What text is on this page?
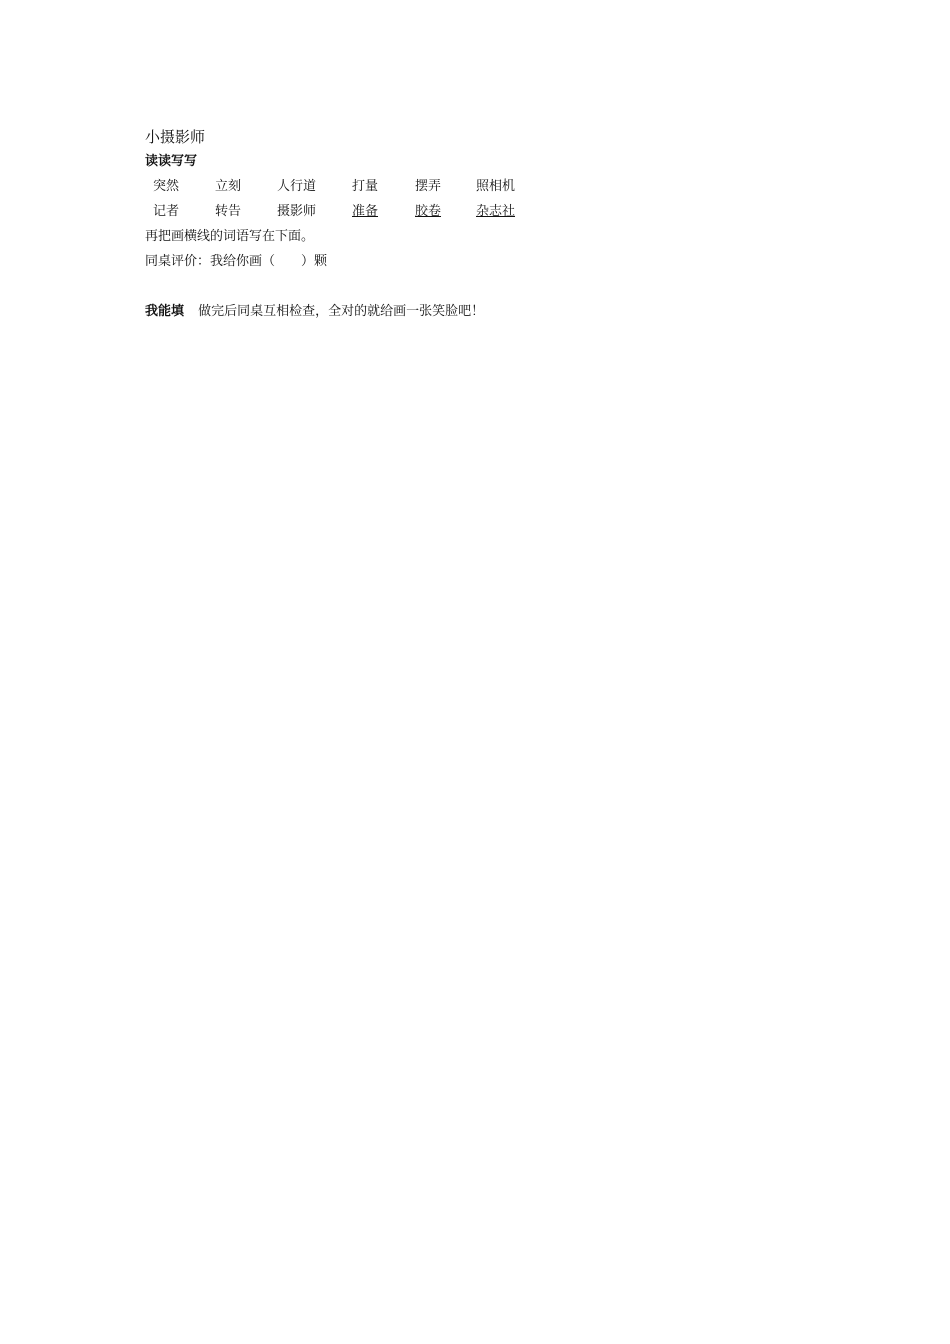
小摄影师
读读写写
突然	立刻	人行道	打量	摆弄	照相机
记者	转告	摄影师	准备	胶卷	杂志社
再把画横线的词语写在下面。
同桌评价：我给你画（　　）颗
我能填 做完后同桌互相检查，全对的就给画一张笑脸吧！
